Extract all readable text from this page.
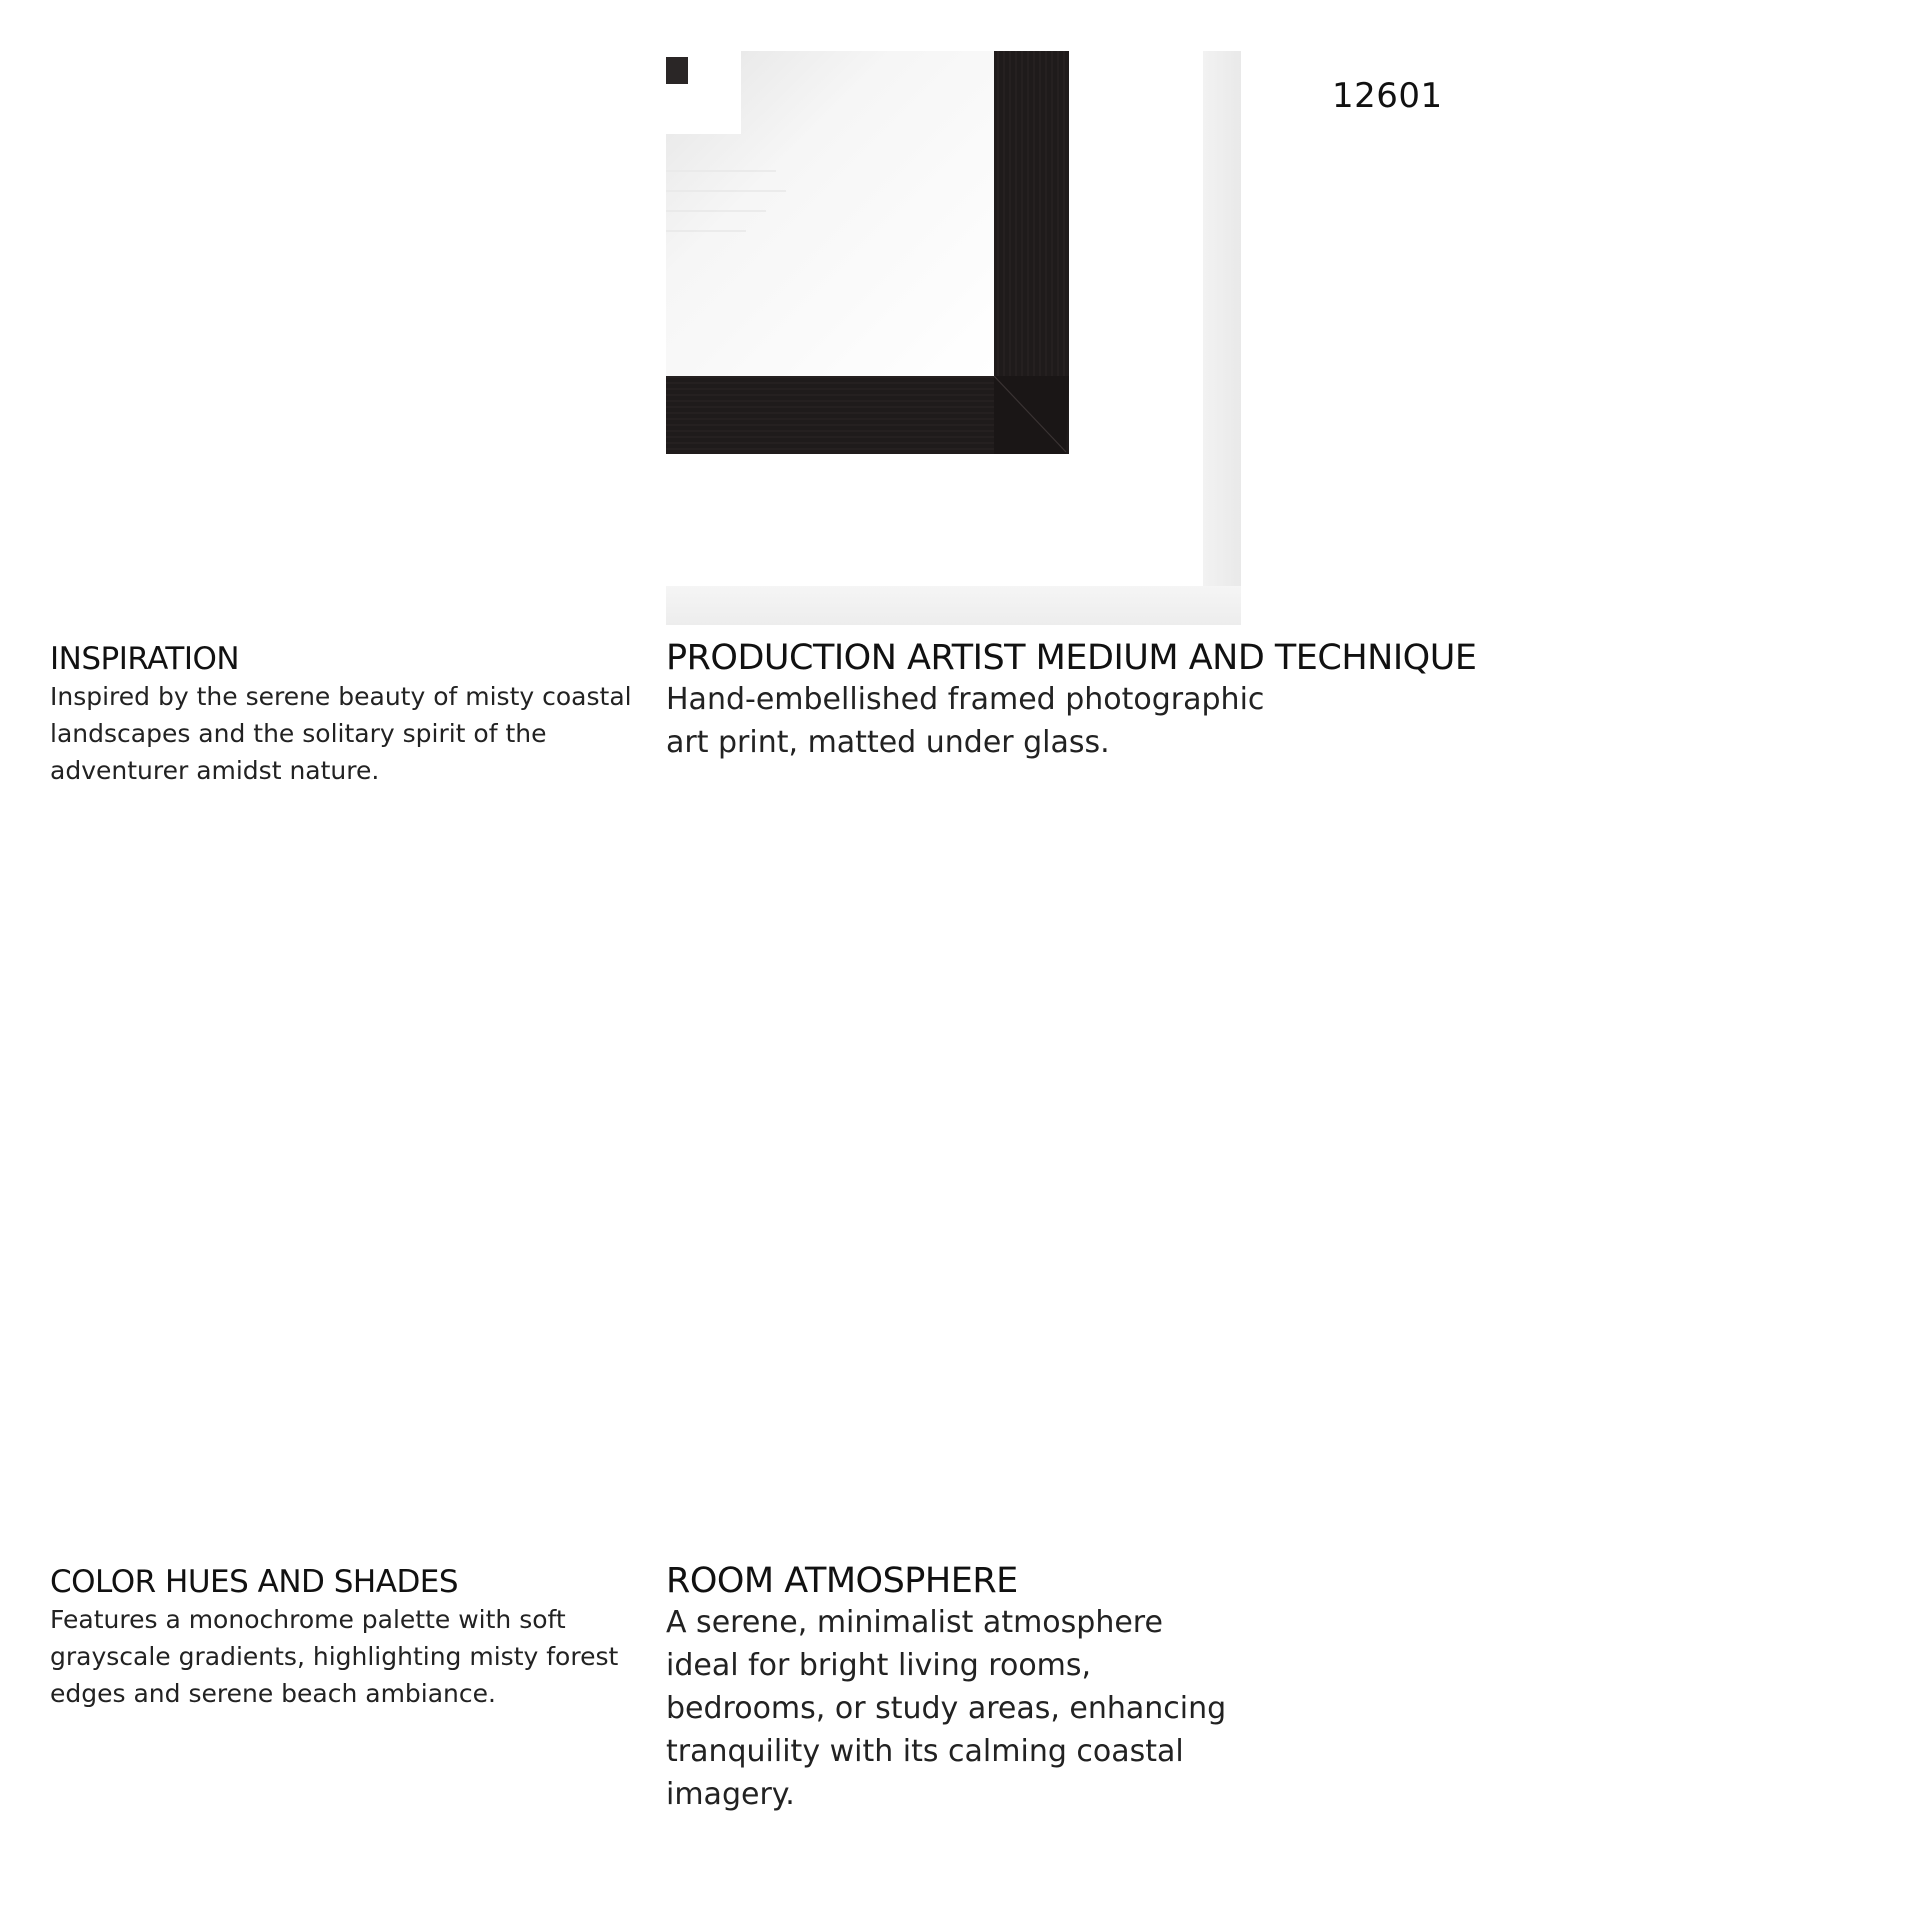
12601
INSPIRATION

Inspired by the serene beauty of misty coastal landscapes and the solitary spirit of the adventurer amidst nature.

PRODUCTION ARTIST MEDIUM AND TECHNIQUE

Hand-embellished framed photographic art print, matted under glass.

COLOR HUES AND SHADES

Features a monochrome palette with soft grayscale gradients, highlighting misty forest edges and serene beach ambiance.

ROOM ATMOSPHERE

A serene, minimalist atmosphere ideal for bright living rooms, bedrooms, or study areas, enhancing tranquility with its calming coastal imagery.
